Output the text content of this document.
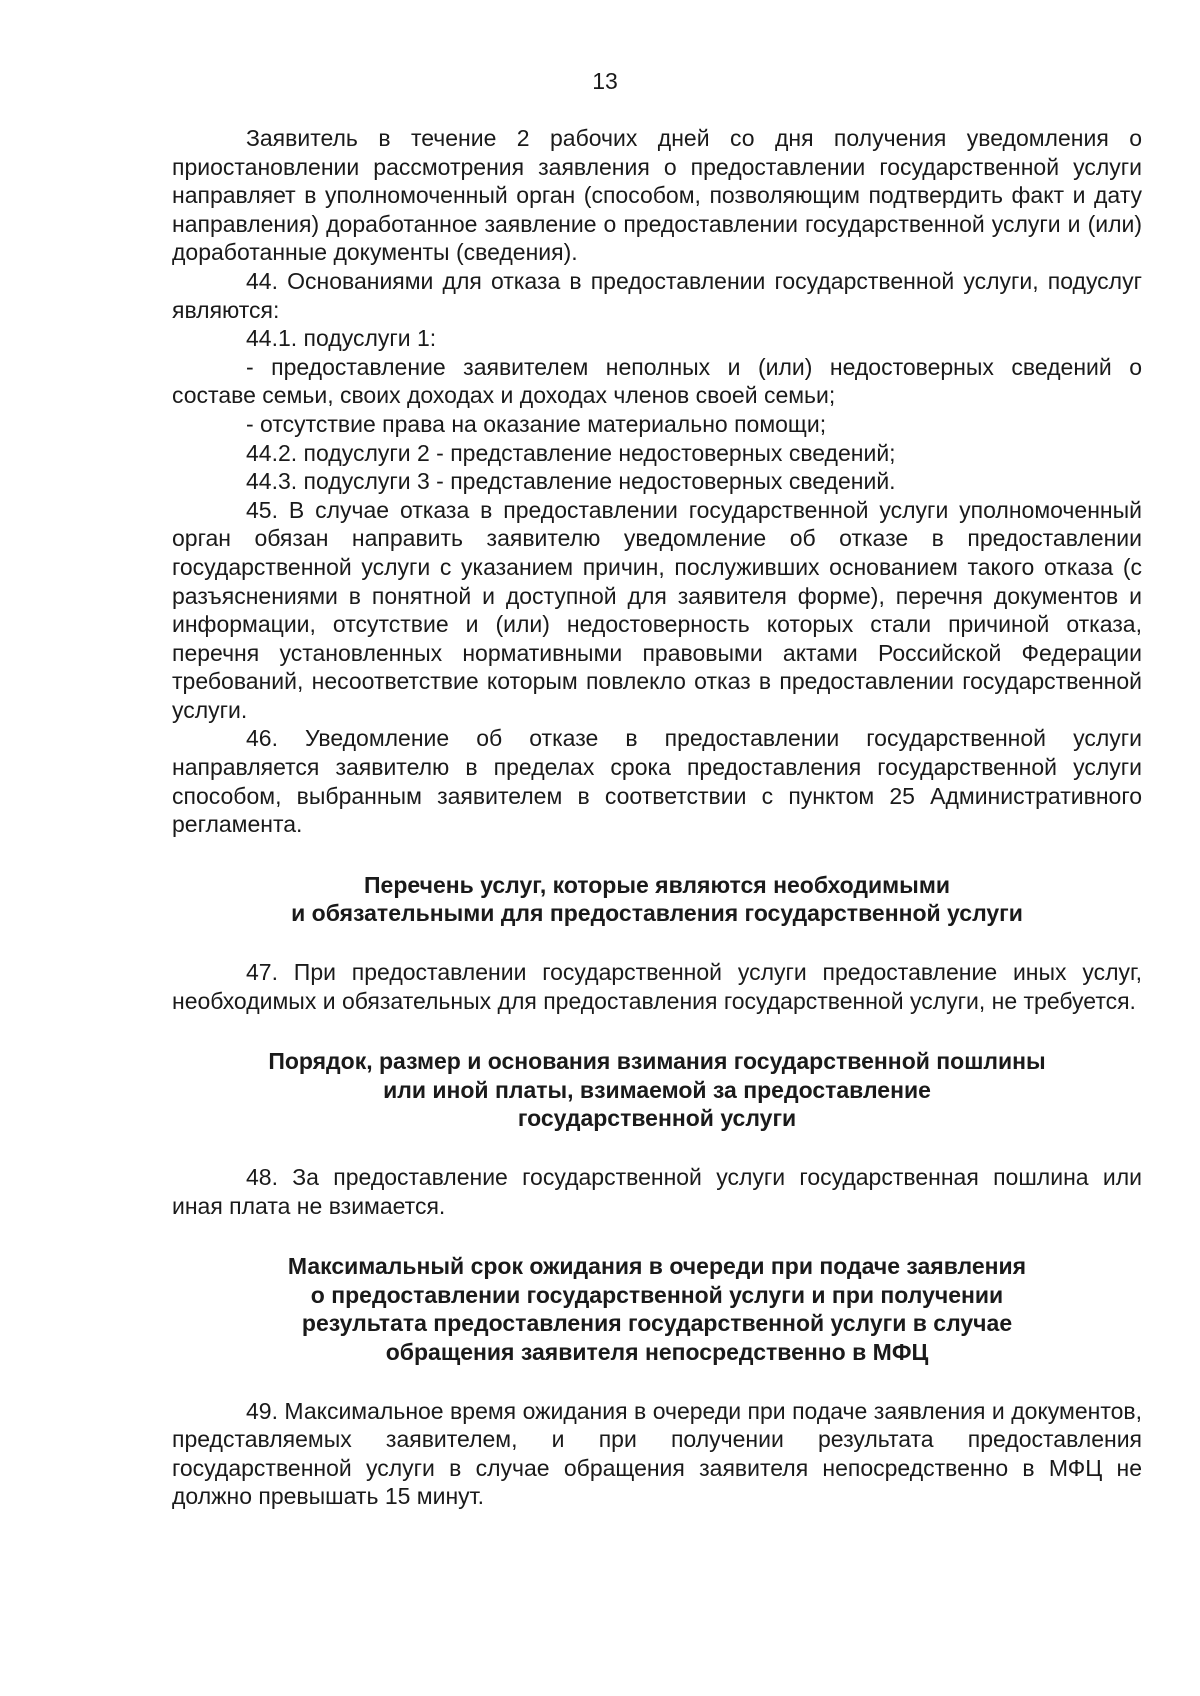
13

Заявитель в течение 2 рабочих дней со дня получения уведомления о приостановлении рассмотрения заявления о предоставлении государственной услуги направляет в уполномоченный орган (способом, позволяющим подтвердить факт и дату направления) доработанное заявление о предоставлении государственной услуги и (или) доработанные документы (сведения).

44. Основаниями для отказа в предоставлении государственной услуги, подуслуг являются:

44.1. подуслуги 1:

- предоставление заявителем неполных и (или) недостоверных сведений о составе семьи, своих доходах и доходах членов своей семьи;

- отсутствие права на оказание материально помощи;

44.2. подуслуги 2 - представление недостоверных сведений;

44.3. подуслуги 3 - представление недостоверных сведений.

45. В случае отказа в предоставлении государственной услуги уполномоченный орган обязан направить заявителю уведомление об отказе в предоставлении государственной услуги с указанием причин, послуживших основанием такого отказа (с разъяснениями в понятной и доступной для заявителя форме), перечня документов и информации, отсутствие и (или) недостоверность которых стали причиной отказа, перечня установленных нормативными правовыми актами Российской Федерации требований, несоответствие которым повлекло отказ в предоставлении государственной услуги.

46. Уведомление об отказе в предоставлении государственной услуги направляется заявителю в пределах срока предоставления государственной услуги способом, выбранным заявителем в соответствии с пунктом 25 Административного регламента.

Перечень услуг, которые являются необходимыми
и обязательными для предоставления государственной услуги

47. При предоставлении государственной услуги предоставление иных услуг, необходимых и обязательных для предоставления государственной услуги, не требуется.

Порядок, размер и основания взимания государственной пошлины
или иной платы, взимаемой за предоставление
государственной услуги

48. За предоставление государственной услуги государственная пошлина или иная плата не взимается.

Максимальный срок ожидания в очереди при подаче заявления
о предоставлении государственной услуги и при получении
результата предоставления государственной услуги в случае
обращения заявителя непосредственно в МФЦ

49. Максимальное время ожидания в очереди при подаче заявления и документов, представляемых заявителем, и при получении результата предоставления государственной услуги в случае обращения заявителя непосредственно в МФЦ не должно превышать 15 минут.
